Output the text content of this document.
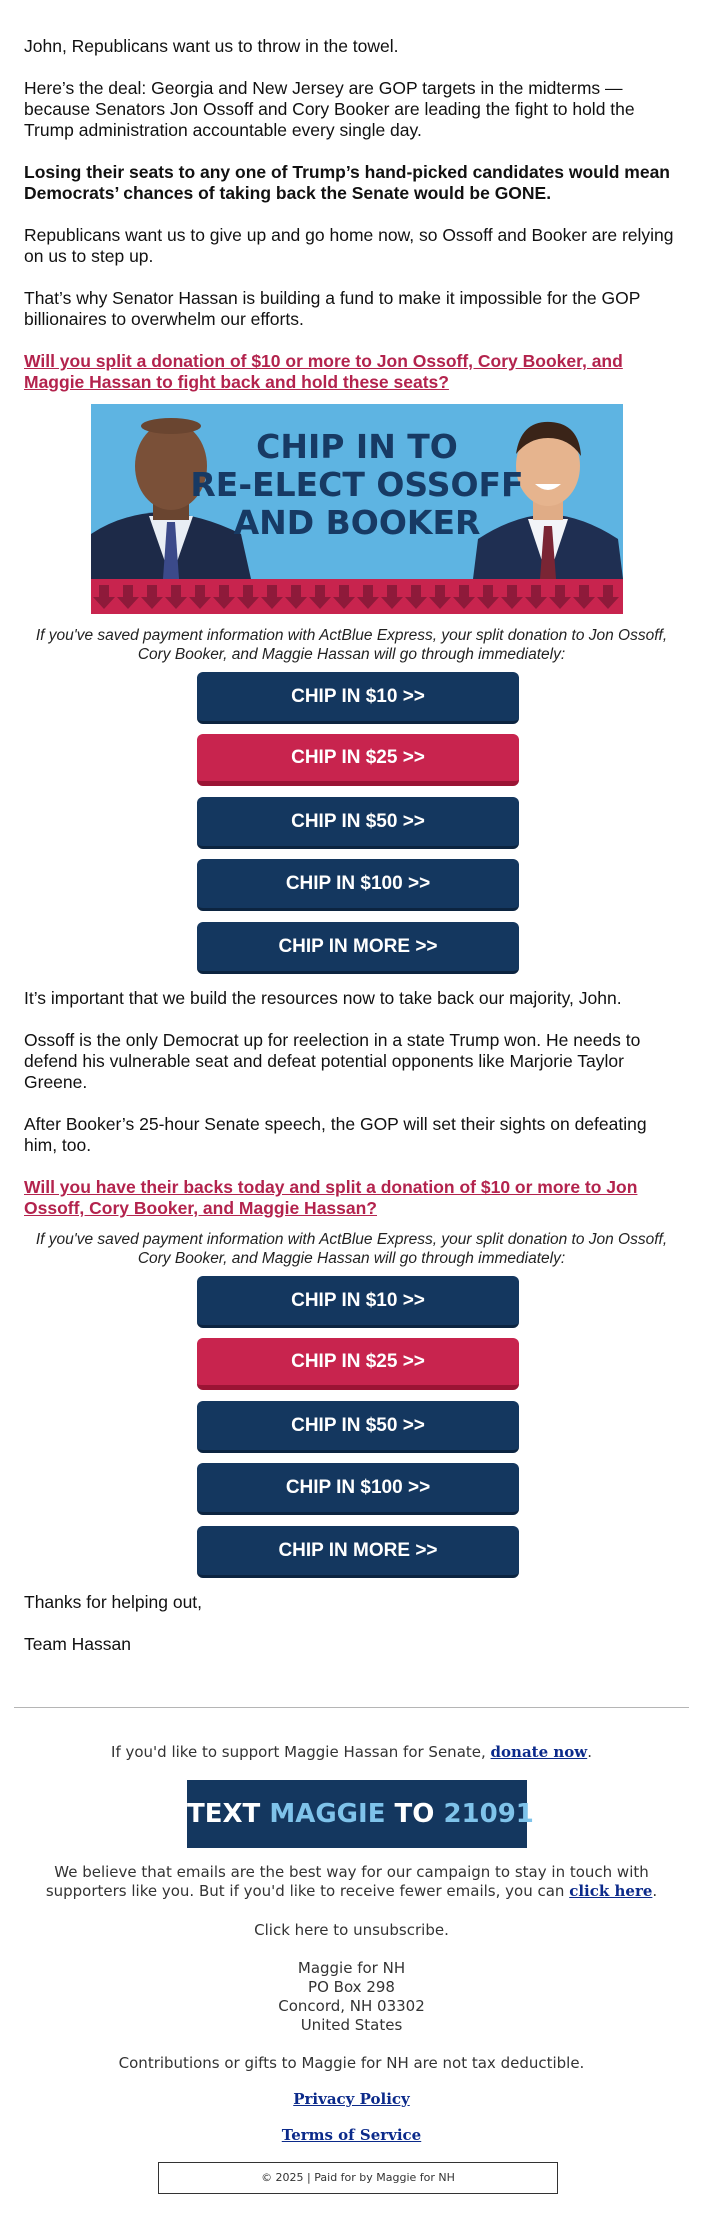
John, Republicans want us to throw in the towel.

Here’s the deal: Georgia and New Jersey are GOP targets in the midterms — because Senators Jon Ossoff and Cory Booker are leading the fight to hold the Trump administration accountable every single day.

Losing their seats to any one of Trump’s hand-picked candidates would mean Democrats’ chances of taking back the Senate would be GONE.

Republicans want us to give up and go home now, so Ossoff and Booker are relying on us to step up.

That’s why Senator Hassan is building a fund to make it impossible for the GOP billionaires to overwhelm our efforts.

Will you split a donation of $10 or more to Jon Ossoff, Cory Booker, and Maggie Hassan to fight back and hold these seats?
CHIP IN TO
RE-ELECT OSSOFF
AND BOOKER
If you've saved payment information with ActBlue Express, your split donation to Jon Ossoff, Cory Booker, and Maggie Hassan will go through immediately:
CHIP IN $10 >>
CHIP IN $25 >>
CHIP IN $50 >>
CHIP IN $100 >>
CHIP IN MORE >>

It’s important that we build the resources now to take back our majority, John.

Ossoff is the only Democrat up for reelection in a state Trump won. He needs to defend his vulnerable seat and defeat potential opponents like Marjorie Taylor Greene.

After Booker’s 25-hour Senate speech, the GOP will set their sights on defeating him, too.

Will you have their backs today and split a donation of $10 or more to Jon Ossoff, Cory Booker, and Maggie Hassan?
If you've saved payment information with ActBlue Express, your split donation to Jon Ossoff, Cory Booker, and Maggie Hassan will go through immediately:
CHIP IN $10 >>
CHIP IN $25 >>
CHIP IN $50 >>
CHIP IN $100 >>
CHIP IN MORE >>

Thanks for helping out,

Team Hassan

If you'd like to support Maggie Hassan for Senate, donate now.
TEXT MAGGIE TO 21091
We believe that emails are the best way for our campaign to stay in touch with supporters like you. But if you'd like to receive fewer emails, you can click here.
Click here to unsubscribe.
Maggie for NH
PO Box 298
Concord, NH 03302
United States
Contributions or gifts to Maggie for NH are not tax deductible.
Privacy Policy
Terms of Service
© 2025 | Paid for by Maggie for NH
